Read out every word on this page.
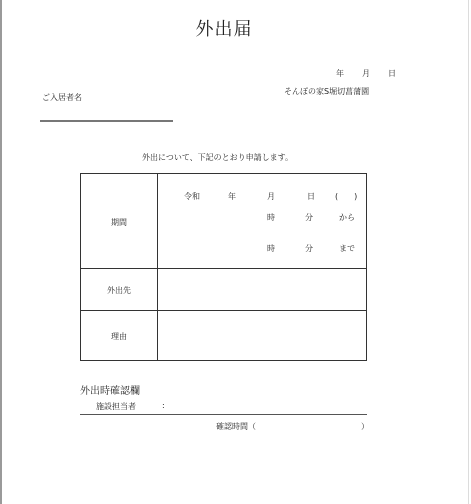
外出届
年 月 日
そんぽの家S堀切菖蒲園
ご入居者名
外出について、下記のとおり申請します。
期間
令和	年	月	日	(　　)
時	分	から
時	分	まで
外出先
理由
外出時確認欄
施設担当者	:
確認時間（	）
